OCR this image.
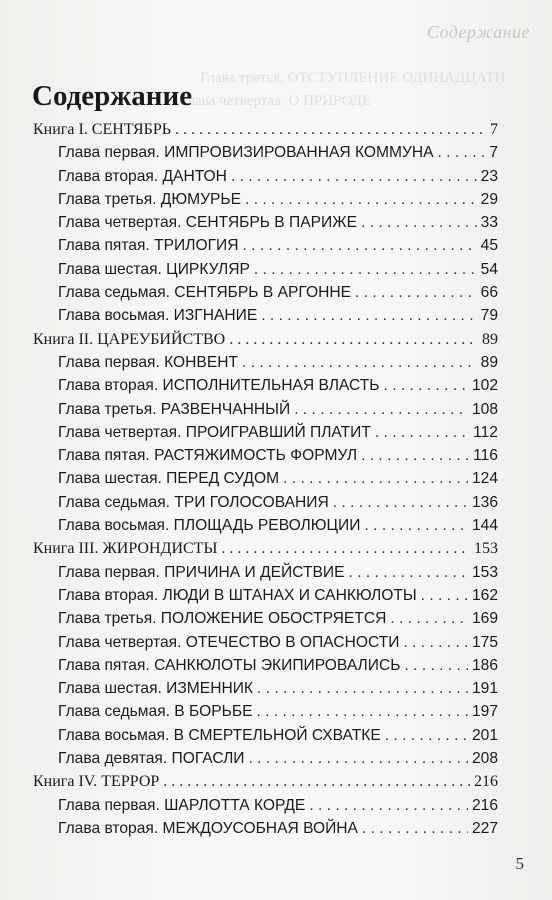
Содержание
Глава третья. ОТСТУПЛЕНИЕ ОДИНАДЦАТИ
Глава четвертая. О ПРИРОДЕ
Содержание
Книга I. СЕНТЯБРЬ . . .	7
Глава первая. ИМПРОВИЗИРОВАННАЯ КОММУНА . . .	7
Глава вторая. ДАНТОН . . .	23
Глава третья. ДЮМУРЬЕ . . .	29
Глава четвертая. СЕНТЯБРЬ В ПАРИЖЕ . . .	33
Глава пятая. ТРИЛОГИЯ . . .	45
Глава шестая. ЦИРКУЛЯР . . .	54
Глава седьмая. СЕНТЯБРЬ В АРГОННЕ . . .	66
Глава восьмая. ИЗГНАНИЕ . . .	79
Книга II. ЦАРЕУБИЙСТВО . . .	89
Глава первая. КОНВЕНТ . . .	89
Глава вторая. ИСПОЛНИТЕЛЬНАЯ ВЛАСТЬ . . .	102
Глава третья. РАЗВЕНЧАННЫЙ . . .	108
Глава четвертая. ПРОИГРАВШИЙ ПЛАТИТ . . .	112
Глава пятая. РАСТЯЖИМОСТЬ ФОРМУЛ . . .	116
Глава шестая. ПЕРЕД СУДОМ . . .	124
Глава седьмая. ТРИ ГОЛОСОВАНИЯ . . .	136
Глава восьмая. ПЛОЩАДЬ РЕВОЛЮЦИИ . . .	144
Книга III. ЖИРОНДИСТЫ . . .	153
Глава первая. ПРИЧИНА И ДЕЙСТВИЕ . . .	153
Глава вторая. ЛЮДИ В ШТАНАХ И САНКЮЛОТЫ . . .	162
Глава третья. ПОЛОЖЕНИЕ ОБОСТРЯЕТСЯ . . .	169
Глава четвертая. ОТЕЧЕСТВО В ОПАСНОСТИ . . .	175
Глава пятая. САНКЮЛОТЫ ЭКИПИРОВАЛИСЬ . . .	186
Глава шестая. ИЗМЕННИК . . .	191
Глава седьмая. В БОРЬБЕ . . .	197
Глава восьмая. В СМЕРТЕЛЬНОЙ СХВАТКЕ . . .	201
Глава девятая. ПОГАСЛИ . . .	208
Книга IV. ТЕРРОР . . .	216
Глава первая. ШАРЛОТТА КОРДЕ . . .	216
Глава вторая. МЕЖДОУСОБНАЯ ВОЙНА . . .	227
5
